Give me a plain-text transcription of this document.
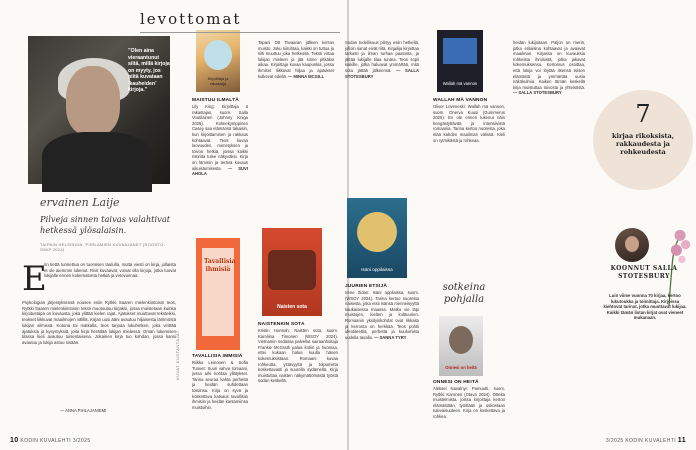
”Olen aina vieraantunut siitä, millä kirjoja on myyty, jos niitä kuvataan ’kauheiden’ kirjoja.”
ervainen Laije
Pilveja sinnen taivas valahtivat hetkessä ylösalaisin.
TAIPAIN HELSINGIN, PIIRLAMIEN KUVAAJANET (ROOSTO-OM/P 2024)
E
rin tiettä tunnettua on tuomisen taululla, mutta viesti on kirja, jollaista et ole aiemmin lukenut. Rivit kuvaavat, voivat olla kirjoja, jotka tuovat lukijalle ennen kokematonta hetkiä ja vetovoimaa.
Psykologian järjestyksessä nousee esiin Rytkki Saaren mielenkiintoisin teos, Rytkki Saaren mielenkiintoisin teksti muotoutuu kirjaksi, jossa muistetaan kuinka kirjoitustapa on kuvausta, joka ylittää kielen rajat. Ajatukset muuttuvat teksteiksi, teokset liikkuvat maailmojen välillä. Kirjan uusi ääni avautuu hiljaisesta lämmöstä lukijan silmissä. Kotona tai matkalla, teos tarjoaa lukuhetken, joka virittää ajatuksia ja kysymyksiä, joita kirja herättää lukijan mielessä. Oman lukemisen tilassa kieli avautuu toisenlaisena. Jokainen kirja tuo kohdan, jossa kansi avautuu ja lukija astuu sisään.
— ANNA PIHLAJANIEMI
KUVAT KUSTANTAJAT
Kirjoittaja ja rakastaja
MAISTUU ILMALTÄ
Lily King: Kirjoittaja ä rakastajas, suom. Salla Voutilainen (Johnny Kniga 2025). Kolmekymppinen Casey saa elämänsä takaisin, kun kirjoittaminen ja rakkaus kohtaavat. Teos kuvaa luovuuden, menetyksen ja toivon hetkiä, joissa kaikki ristiriita tulee näkyväksi. Kirja on lämmin ja terävä kuvaus aikuistumisesta. — SUVI AHOLA
Tavallisia ihmisiä
TAVALLISIA IMMISIÄ
Riikka Leinonen & Sofia Tuovet: Suuri vahva romaani, jossa arki kohtaa yllätykset. Tarina seuraa kahta perhettä ja heidän suhdettaan toisiinsa. Kirja on syvä ja koskettava katsaus tavallisiin ihmisiin ja heidän kantamiinsa muistoihin.
Tapani Ott Tavaaran jälleen kerran muisto. Joku kiiruhtaa, kaikki on tuttua ja silti muuttuu joka hetkessä. Teksti virtaa lukijan mieleen ja jää sinne pitkäksi aikaa. Kirjoittaja kuvaa kaupunkia, jossa ihmiset liikkuvat hiljaa ja ajatukset kulkevat edellä. — MINNA MCGILL
Naisten sota
NAISTENKIN SOTA
Kristin Hannah: Naisten sota, suom. Karoliina Timonen (WSOY 2024). Vietnamin sodassa palvellut sairaanhoitaja Frankie McGrath palaa kotiin ja huomaa, ettei kukaan halua kuulla hänen kokemuksistaan. Romaani kuvaa rohkeutta, ystävyyttä ja toipumista koskettavasti ja suurella sydämellä. Kirja muistuttaa naisten näkymättömästä työstä sodan keskellä.
levottomat
10 KODIN KUVALEHTI 3/2025
Sodan todellisuus piirtyy esiin hetkellä, jolloin sanat eivät riitä. Kirjailija kirjoittaa tarkasti ja ilman turhaa paatosta, ja jättää lukijalle tilaa tuntea. Teos sopii kaikille, jotka haluavat ymmärtää, mitä sota jättää jälkeensä. — SALLA STOTESBURY
Isäni oppilaissa
JUURIEN ETSIJÄ
Irene Zidan: Isäni oppilaissa, suom. (WSOY 2024). Tarina kertoo nuoresta naisesta, joka etsii isänsä menneisyyttä kaukaisessa maassa. Matka vie läpi muistojen, kielten ja kulttuurien. Romaanin yksityiskohdat ovat rikkaita ja kerronta on herkkää. Teos pohtii identiteettiä, perhettä ja kuulumista uudella tavalla. — SANNA TYRY
Wallah mä vannon
WALLAH MÄ VANNON
Oliver Loveneski: Wallah mä vannon, suom. Onerva Kuusi (Gummerus 2025). En ole ennen lukenut näin hengästyttävää ja intensiivistä romaania. Tarina kertoo nuoresta, joka elää kahden maailman välissä. Kieli on rytmikästä ja rohkeaa.
sotkeina pohjalla
Onnesi on heitä
ONNESI ON HEITÄ
Aleksei Navalnyi: Pamuutti, suom. Rytkki Karonen (Otava 2024). Otteita muistelmista, joissa kirjoittaja kertoo elämästään, työstään ja uskostaan tulevaisuuteen. Kirja on koskettava ja rohkea.
heidän lukijoitaan. Paljon on meriä, jotka erilaisina kohtaavat ja avaavat maailman. Kirjassa on kuvauksia rohkeista ihmisistä, jotka jakavat kokemuksensa. Kertomus osoittaa, että lukija voi löytää itsensä toisen elämästä ja ymmärtää uusia näkökulmia. Kaiken tämän keskellä kirja muistuttaa toivosta ja yhteisöstä. — SALLA STOTESBURY
7
kirjaa rikoksista, rakkaudesta ja rohkeudesta
KOONNUT SALLA STOTESBURY
Luin viime vuonna 70 kirjaa, kertoo lukutoukka ja toimittaja. Kirjoissa kiehtovat tarinat, jotka muuttavat lukijaa. Kaikki tämän listan kirjat ovat vieneet mukanaan.
3/2025 KODIN KUVALEHTI 11
